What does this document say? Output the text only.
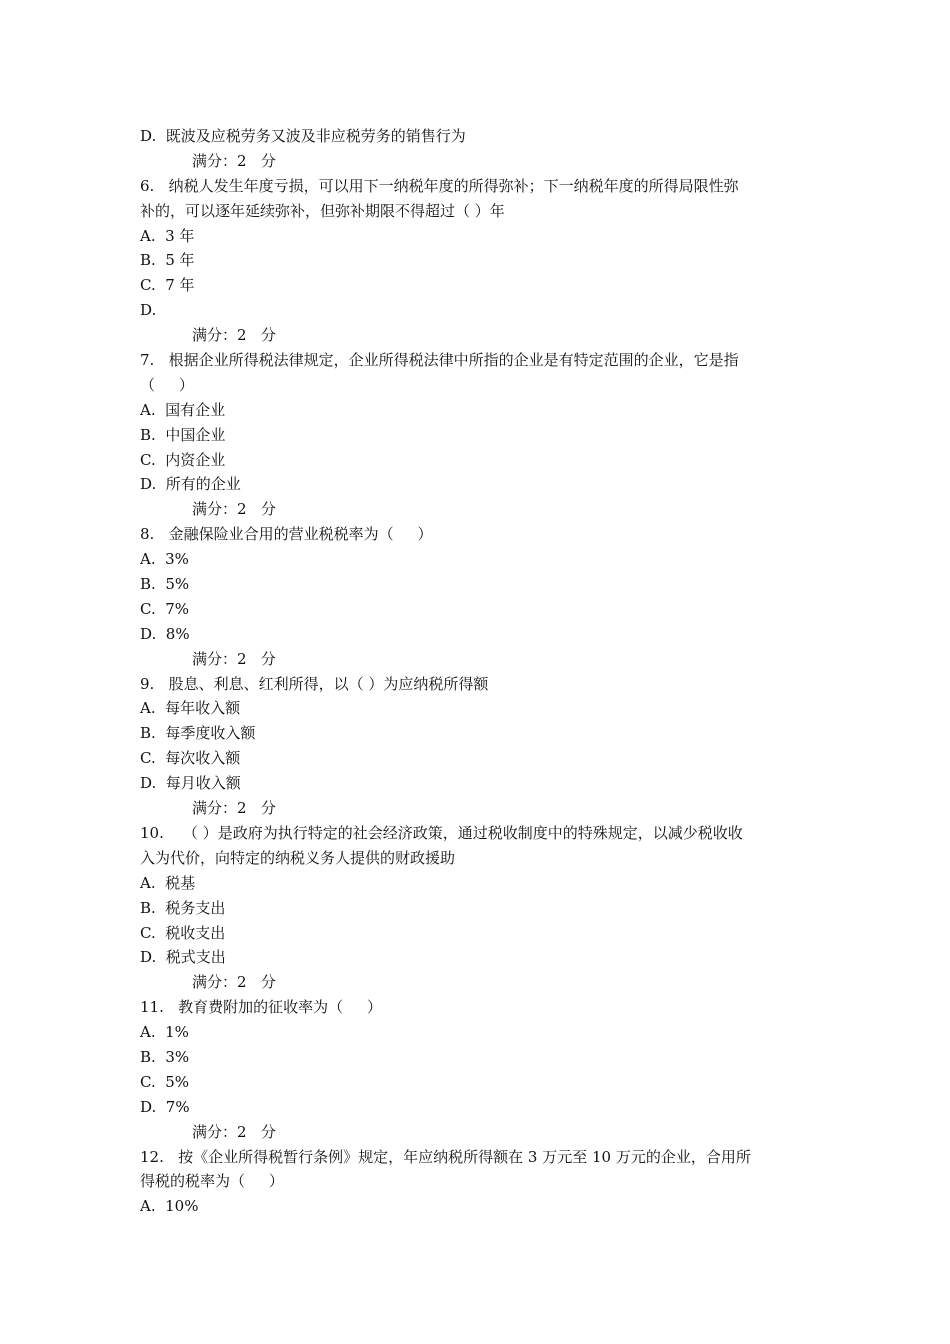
D.  既波及应税劳务又波及非应税劳务的销售行为
满分：2   分
6.   纳税人发生年度亏损，可以用下一纳税年度的所得弥补；下一纳税年度的所得局限性弥
补的，可以逐年延续弥补，但弥补期限不得超过（ ）年
A.  3 年
B.  5 年
C.  7 年
D.
满分：2   分
7.   根据企业所得税法律规定，企业所得税法律中所指的企业是有特定范围的企业，它是指
（     ）
A.  国有企业
B.  中国企业
C.  内资企业
D.  所有的企业
满分：2   分
8.   金融保险业合用的营业税税率为（     ）
A.  3%
B.  5%
C.  7%
D.  8%
满分：2   分
9.   股息、利息、红利所得，以（ ）为应纳税所得额
A.  每年收入额
B.  每季度收入额
C.  每次收入额
D.  每月收入额
满分：2   分
10.    （ ）是政府为执行特定的社会经济政策，通过税收制度中的特殊规定，以减少税收收
入为代价，向特定的纳税义务人提供的财政援助
A.  税基
B.  税务支出
C.  税收支出
D.  税式支出
满分：2   分
11.   教育费附加的征收率为（     ）
A.  1%
B.  3%
C.  5%
D.  7%
满分：2   分
12.   按《企业所得税暂行条例》规定，年应纳税所得额在 3 万元至 10 万元的企业，合用所
得税的税率为（     ）
A.  10%
